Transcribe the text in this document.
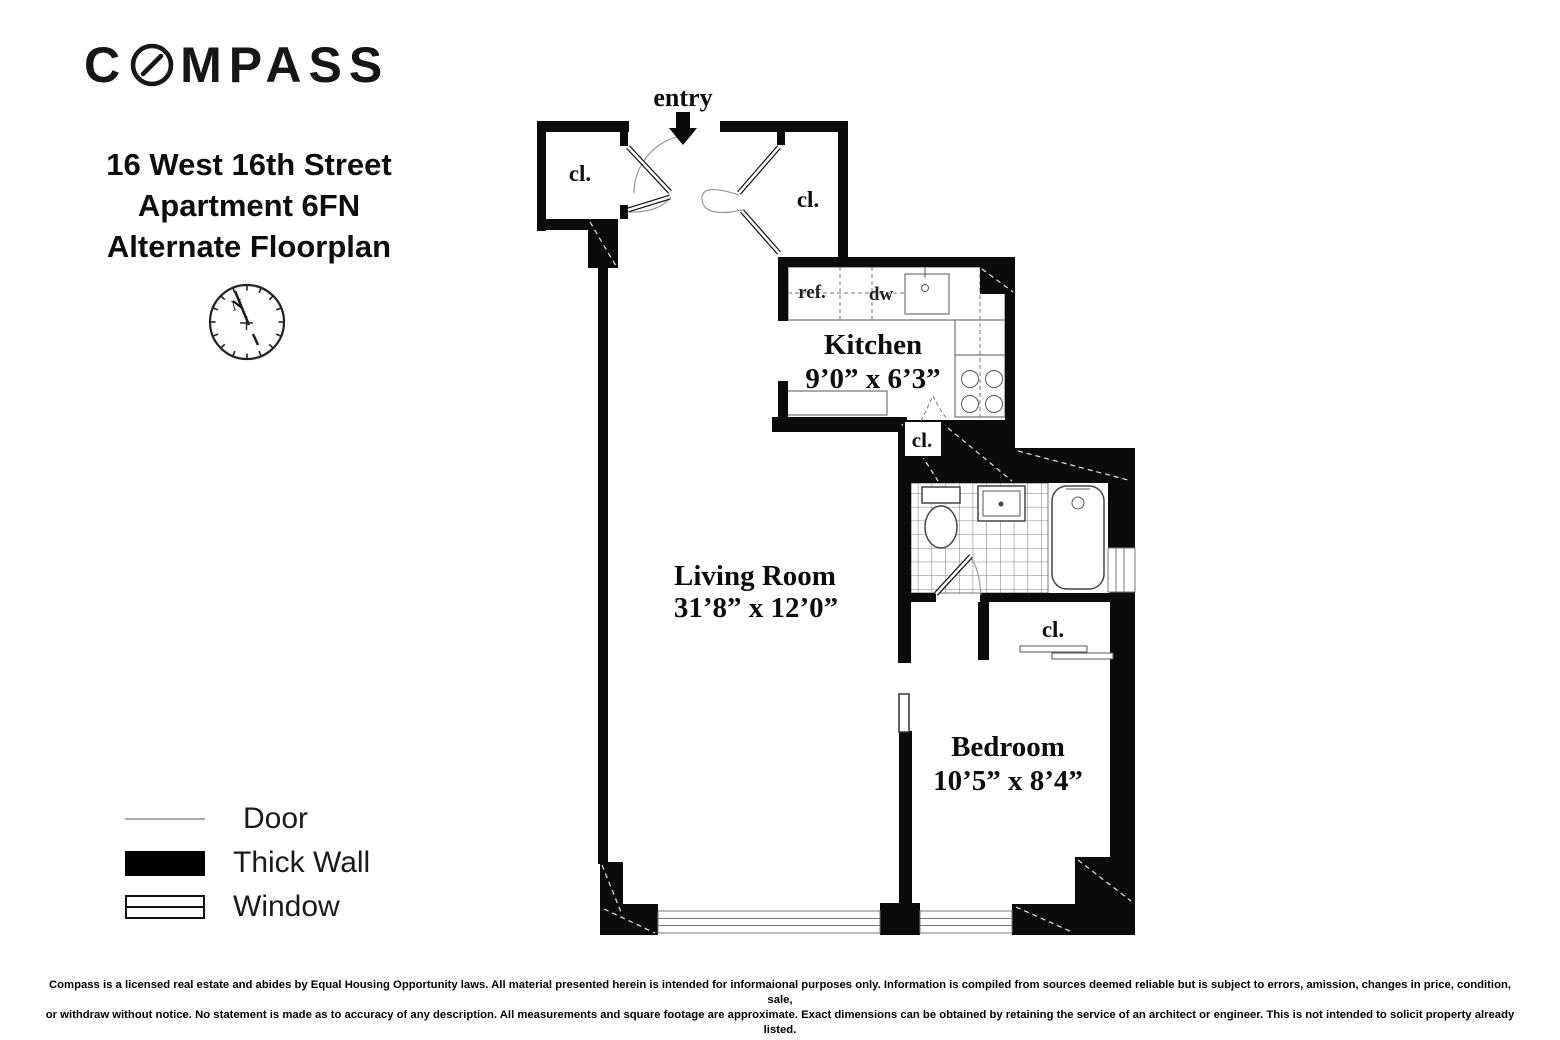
C MPASS
16 West 16th Street
Apartment 6FN
Alternate Floorplan
N
entry
cl.
cl.
cl.
cl.
ref. dw
Kitchen
9’0” x 6’3”
Living Room
31’8” x 12’0”
Bedroom
10’5” x 8’4”
Door
Thick Wall
Window
Compass is a licensed real estate and abides by Equal Housing Opportunity laws. All material presented herein is intended for informaional purposes only. Information is compiled from sources deemed reliable but is subject to errors, amission, changes in price, condition, sale,
or withdraw without notice. No statement is made as to accuracy of any description. All measurements and square footage are approximate. Exact dimensions can be obtained by retaining the service of an architect or engineer. This is not intended to solicit property already listed.
